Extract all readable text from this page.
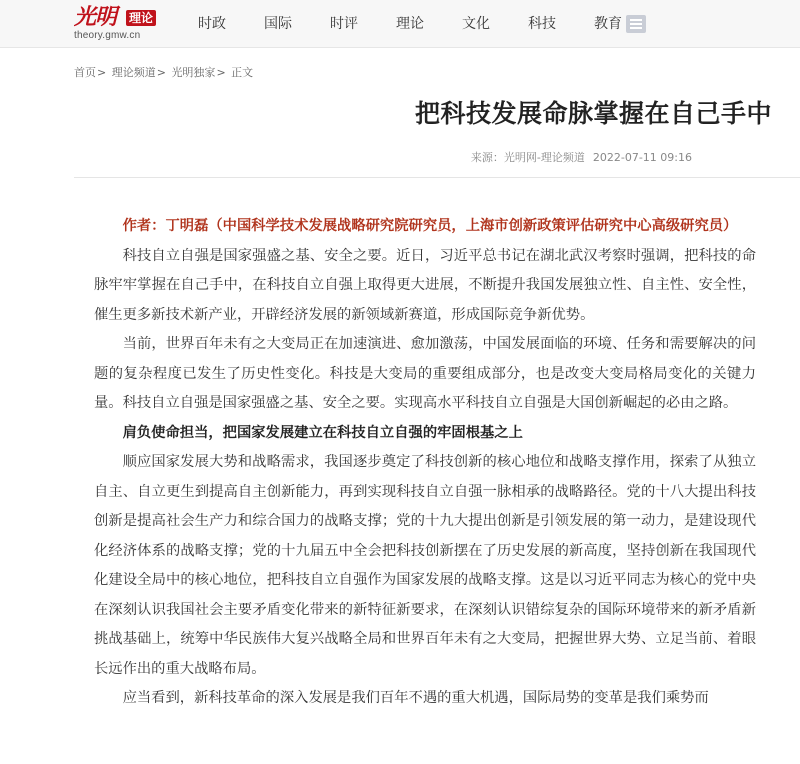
光明 理论
theory.gmw.cn
时政	国际	时评	理论	文化	科技	教育
首页> 理论频道> 光明独家> 正文
把科技发展命脉掌握在自己手中
来源：光明网-理论频道 2022-07-11 09:16

作者：丁明磊（中国科学技术发展战略研究院研究员，上海市创新政策评估研究中心高级研究员）

科技自立自强是国家强盛之基、安全之要。近日，习近平总书记在湖北武汉考察时强调，把科技的命脉牢牢掌握在自己手中，在科技自立自强上取得更大进展，不断提升我国发展独立性、自主性、安全性，催生更多新技术新产业，开辟经济发展的新领域新赛道，形成国际竞争新优势。

当前，世界百年未有之大变局正在加速演进、愈加激荡，中国发展面临的环境、任务和需要解决的问题的复杂程度已发生了历史性变化。科技是大变局的重要组成部分，也是改变大变局格局变化的关键力量。科技自立自强是国家强盛之基、安全之要。实现高水平科技自立自强是大国创新崛起的必由之路。

肩负使命担当，把国家发展建立在科技自立自强的牢固根基之上

顺应国家发展大势和战略需求，我国逐步奠定了科技创新的核心地位和战略支撑作用，探索了从独立自主、自立更生到提高自主创新能力，再到实现科技自立自强一脉相承的战略路径。党的十八大提出科技创新是提高社会生产力和综合国力的战略支撑；党的十九大提出创新是引领发展的第一动力，是建设现代化经济体系的战略支撑；党的十九届五中全会把科技创新摆在了历史发展的新高度，坚持创新在我国现代化建设全局中的核心地位，把科技自立自强作为国家发展的战略支撑。这是以习近平同志为核心的党中央在深刻认识我国社会主要矛盾变化带来的新特征新要求，在深刻认识错综复杂的国际环境带来的新矛盾新挑战基础上，统筹中华民族伟大复兴战略全局和世界百年未有之大变局，把握世界大势、立足当前、着眼长远作出的重大战略布局。

应当看到，新科技革命的深入发展是我们百年不遇的重大机遇，国际局势的变革是我们乘势而
